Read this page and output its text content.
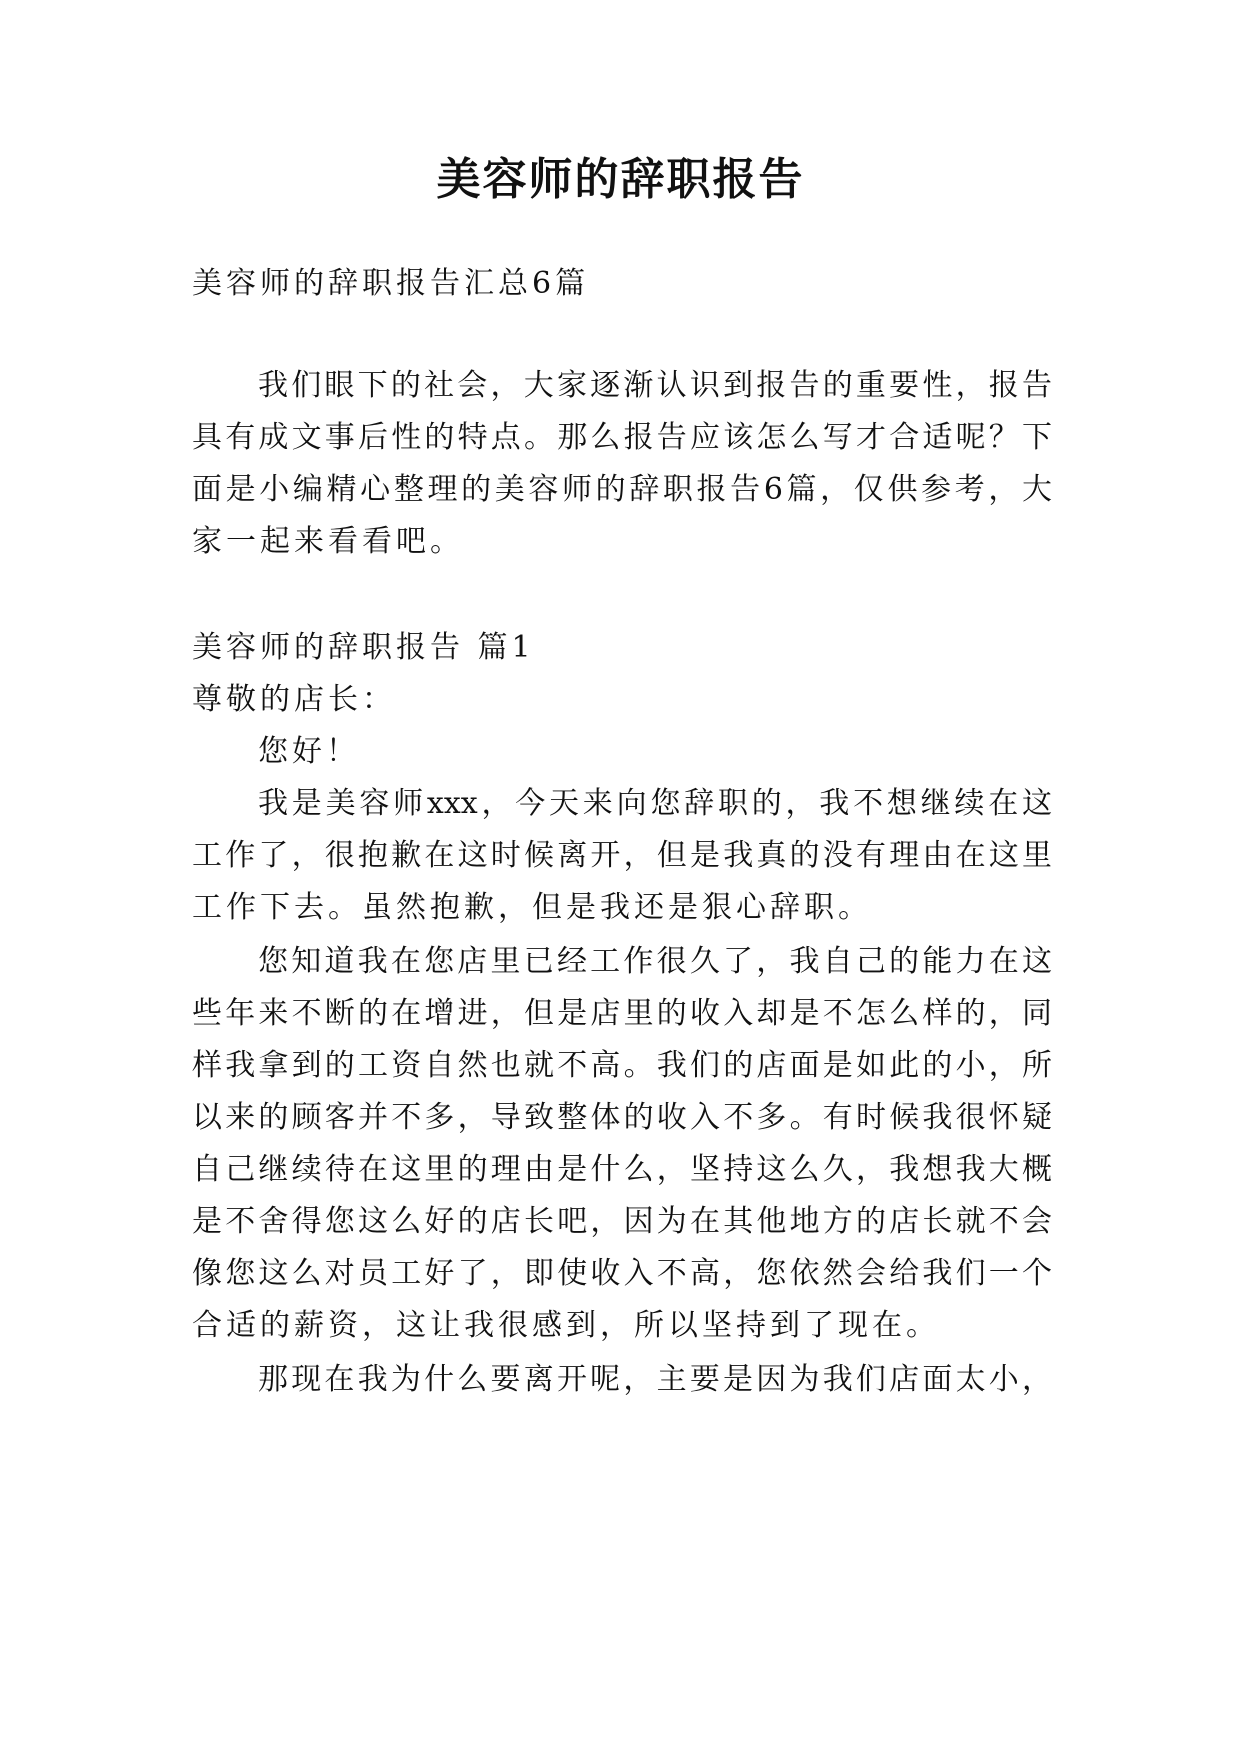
美容师的辞职报告
美容师的辞职报告汇总6篇
我们眼下的社会，大家逐渐认识到报告的重要性，报告
具有成文事后性的特点。那么报告应该怎么写才合适呢？下
面是小编精心整理的美容师的辞职报告6篇，仅供参考，大
家一起来看看吧。
美容师的辞职报告 篇1
尊敬的店长：
您好！
我是美容师xxx，今天来向您辞职的，我不想继续在这
工作了，很抱歉在这时候离开，但是我真的没有理由在这里
工作下去。虽然抱歉，但是我还是狠心辞职。
您知道我在您店里已经工作很久了，我自己的能力在这
些年来不断的在增进，但是店里的收入却是不怎么样的，同
样我拿到的工资自然也就不高。我们的店面是如此的小，所
以来的顾客并不多，导致整体的收入不多。有时候我很怀疑
自己继续待在这里的理由是什么，坚持这么久，我想我大概
是不舍得您这么好的店长吧，因为在其他地方的店长就不会
像您这么对员工好了，即使收入不高，您依然会给我们一个
合适的薪资，这让我很感到，所以坚持到了现在。
那现在我为什么要离开呢，主要是因为我们店面太小，
